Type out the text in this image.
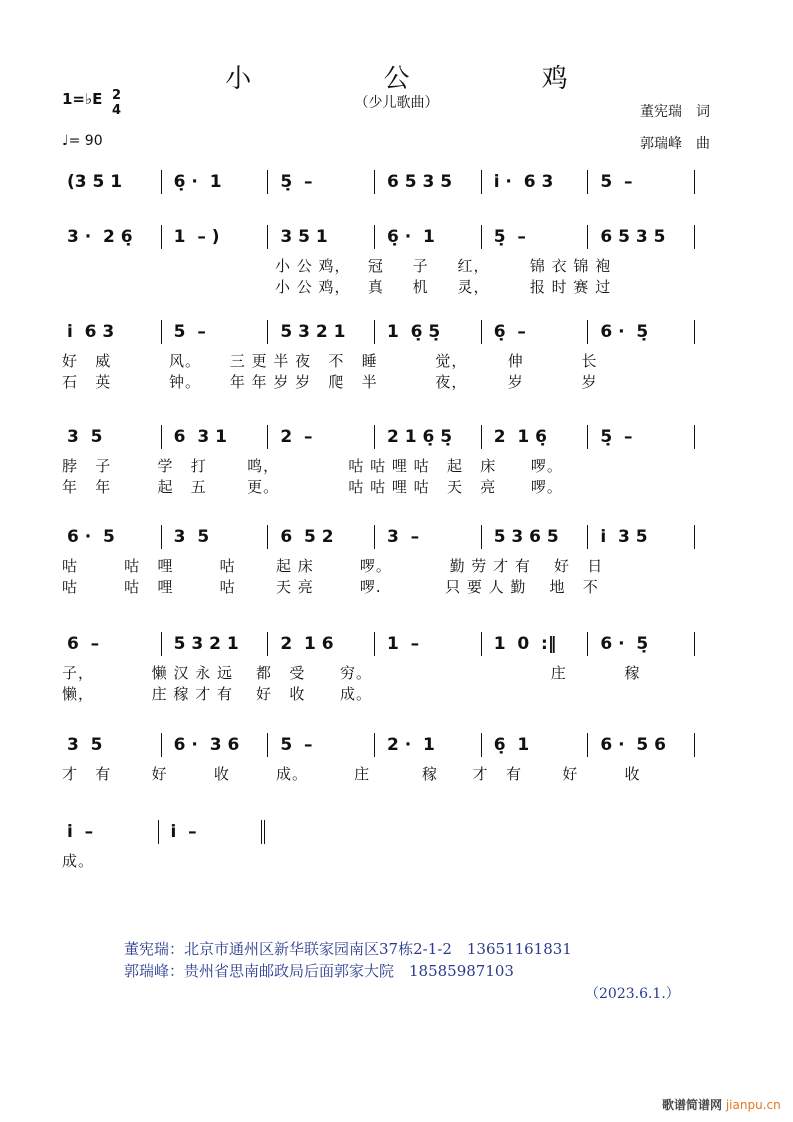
小 公 鸡
（少儿歌曲）
1=♭E 2
4
♩= 90
董宪瑞　词
郭瑞峰　曲
(3 5 1	6̣ ·  1	5̣  –	6 5 3 5	i̇ ·  6 3	5  –
3 ·  2 6̣	1  – )	3 5 1	6̣ ·  1	5̣  –	6 5 3 5
小 公 鸡，   冠     子     红，       锦 衣 锦 袍
小 公 鸡，   真     机     灵，       报 时 赛 过
i̇  6 3	5  –	5 3 2 1	1  6̣ 5̣	6̣  –	6 ·  5̣
好   威          风。     三 更 半 夜   不   睡          觉，       伸          长
石   英          钟。     年 年 岁 岁   爬   半          夜，       岁          岁
3  5	6  3 1	2  –	2 1 6̣ 5̣	2  1 6̣	5̣  –
脖   子        学   打       鸣，            咕 咕 哩 咕   起   床      啰。
年   年        起   五       更。            咕 咕 哩 咕   天   亮      啰。
6 ·  5	3  5	6  5 2	3  –	5 3 6 5	i̇  3 5
咕        咕   哩        咕       起 床        啰。          勤 劳 才 有    好   日
咕        咕   哩        咕       天 亮        啰.           只 要 人 勤    地   不
6  –	5 3 2 1	2  1 6	1  –	1  0  :‖	6 ·  5̣
子，          懒 汉 永 远    都   受      穷。                               庄          稼
懒，          庄 稼 才 有    好   收      成。
3  5	6 ·  3 6	5  –	2 ·  1	6̣  1	6 ·  5 6
才   有       好        收        成。        庄         稼      才   有       好        收
i̇  –	i̇  –
成。
董宪瑞：北京市通州区新华联家园南区37栋2-1-2　13651161831
郭瑞峰：贵州省思南邮政局后面郭家大院　18585987103
（2023.6.1.）
歌谱简谱网 jianpu.cn
